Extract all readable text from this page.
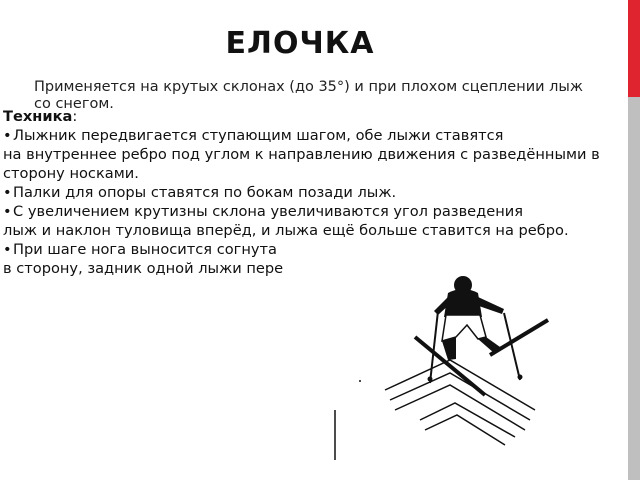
ЕЛОЧКА
Применяется на крутых склонах (до 35°) и при плохом сцеплении лыж со снегом.

Техника:

• Лыжник передвигается ступающим шагом, обе лыжи ставятся
на внутреннее ребро под углом к направлению движения с разведёнными в сторону носками.
• Палки для опоры ставятся по бокам позади лыж.
• С увеличением крутизны склона увеличиваются угол разведения
лыж и наклон туловища вперёд, и лыжа ещё больше ставится на ребро.
• При шаге нога выносится согнута
в сторону, задник одной лыжи пере
